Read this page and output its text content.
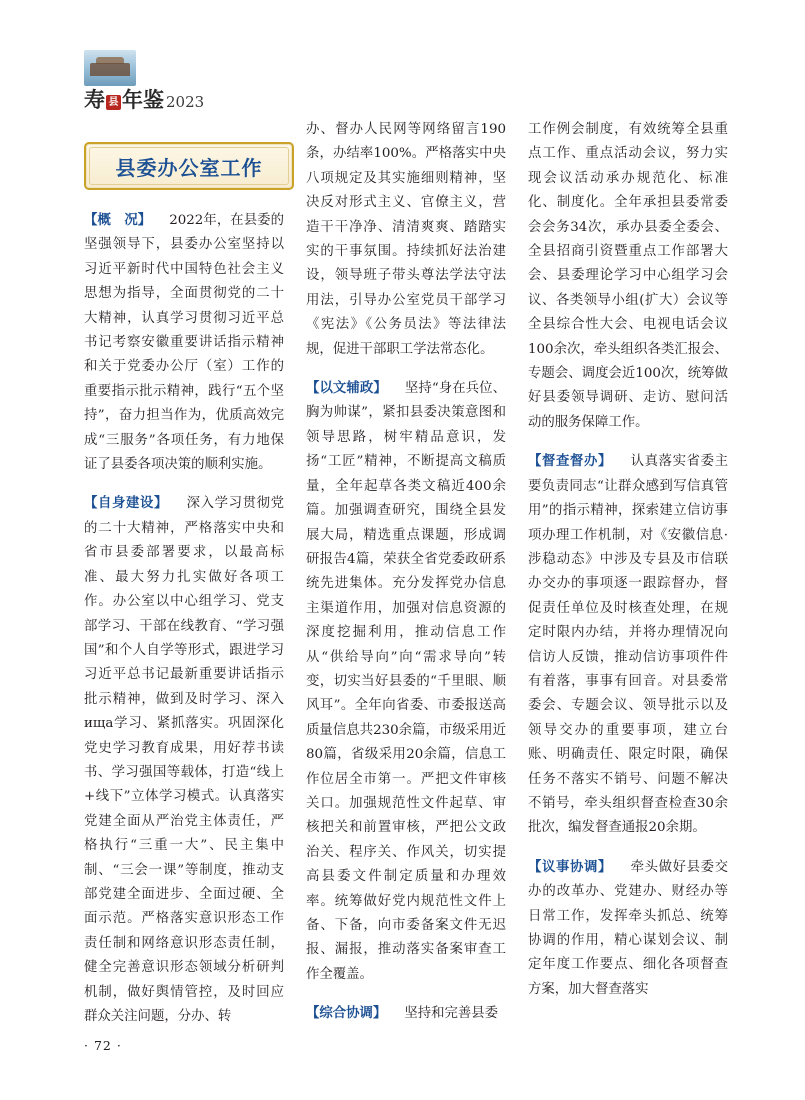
寿 县 年鉴 2023
县委办公室工作

【概　况】 2022年，在县委的坚强领导下，县委办公室坚持以习近平新时代中国特色社会主义思想为指导，全面贯彻党的二十大精神，认真学习贯彻习近平总书记考察安徽重要讲话指示精神和关于党委办公厅（室）工作的重要指示批示精神，践行“五个坚持”，奋力担当作为，优质高效完成“三服务”各项任务，有力地保证了县委各项决策的顺利实施。

【自身建设】 深入学习贯彻党的二十大精神，严格落实中央和省市县委部署要求，以最高标准、最大努力扎实做好各项工作。办公室以中心组学习、党支部学习、干部在线教育、“学习强国”和个人自学等形式，跟进学习习近平总书记最新重要讲话指示批示精神，做到及时学习、深入ища学习、紧抓落实。巩固深化党史学习教育成果，用好荐书读书、学习强国等载体，打造“线上+线下”立体学习模式。认真落实党建全面从严治党主体责任，严格执行“三重一大”、民主集中制、“三会一课”等制度，推动支部党建全面进步、全面过硬、全面示范。严格落实意识形态工作责任制和网络意识形态责任制，健全完善意识形态领域分析研判机制，做好舆情管控，及时回应群众关注问题，分办、转

办、督办人民网等网络留言190条，办结率100%。严格落实中央八项规定及其实施细则精神，坚决反对形式主义、官僚主义，营造干干净净、清清爽爽、踏踏实实的干事氛围。持续抓好法治建设，领导班子带头尊法学法守法用法，引导办公室党员干部学习《宪法》《公务员法》等法律法规，促进干部职工学法常态化。

【以文辅政】 坚持“身在兵位、胸为帅谋”，紧扣县委决策意图和领导思路，树牢精品意识，发扬“工匠”精神，不断提高文稿质量，全年起草各类文稿近400余篇。加强调查研究，围绕全县发展大局，精选重点课题，形成调研报告4篇，荣获全省党委政研系统先进集体。充分发挥党办信息主渠道作用，加强对信息资源的深度挖掘利用，推动信息工作从“供给导向”向“需求导向”转变，切实当好县委的“千里眼、顺风耳”。全年向省委、市委报送高质量信息共230余篇，市级采用近80篇，省级采用20余篇，信息工作位居全市第一。严把文件审核关口。加强规范性文件起草、审核把关和前置审核，严把公文政治关、程序关、作风关，切实提高县委文件制定质量和办理效率。统筹做好党内规范性文件上备、下备，向市委备案文件无迟报、漏报，推动落实备案审查工作全覆盖。

【综合协调】 坚持和完善县委

工作例会制度，有效统筹全县重点工作、重点活动会议，努力实现会议活动承办规范化、标准化、制度化。全年承担县委常委会会务34次，承办县委全委会、全县招商引资暨重点工作部署大会、县委理论学习中心组学习会议、各类领导小组(扩大）会议等全县综合性大会、电视电话会议100余次，牵头组织各类汇报会、专题会、调度会近100次，统筹做好县委领导调研、走访、慰问活动的服务保障工作。

【督查督办】 认真落实省委主要负责同志“让群众感到写信真管用”的指示精神，探索建立信访事项办理工作机制，对《安徽信息·涉稳动态》中涉及专县及市信联办交办的事项逐一跟踪督办，督促责任单位及时核查处理，在规定时限内办结，并将办理情况向信访人反馈，推动信访事项件件有着落，事事有回音。对县委常委会、专题会议、领导批示以及领导交办的重要事项，建立台账、明确责任、限定时限，确保任务不落实不销号、问题不解决不销号，牵头组织督查检查30余批次，编发督查通报20余期。

【议事协调】 牵头做好县委交办的改革办、党建办、财经办等日常工作，发挥牵头抓总、统筹协调的作用，精心谋划会议、制定年度工作要点、细化各项督查方案，加大督查落实

· 72 ·
